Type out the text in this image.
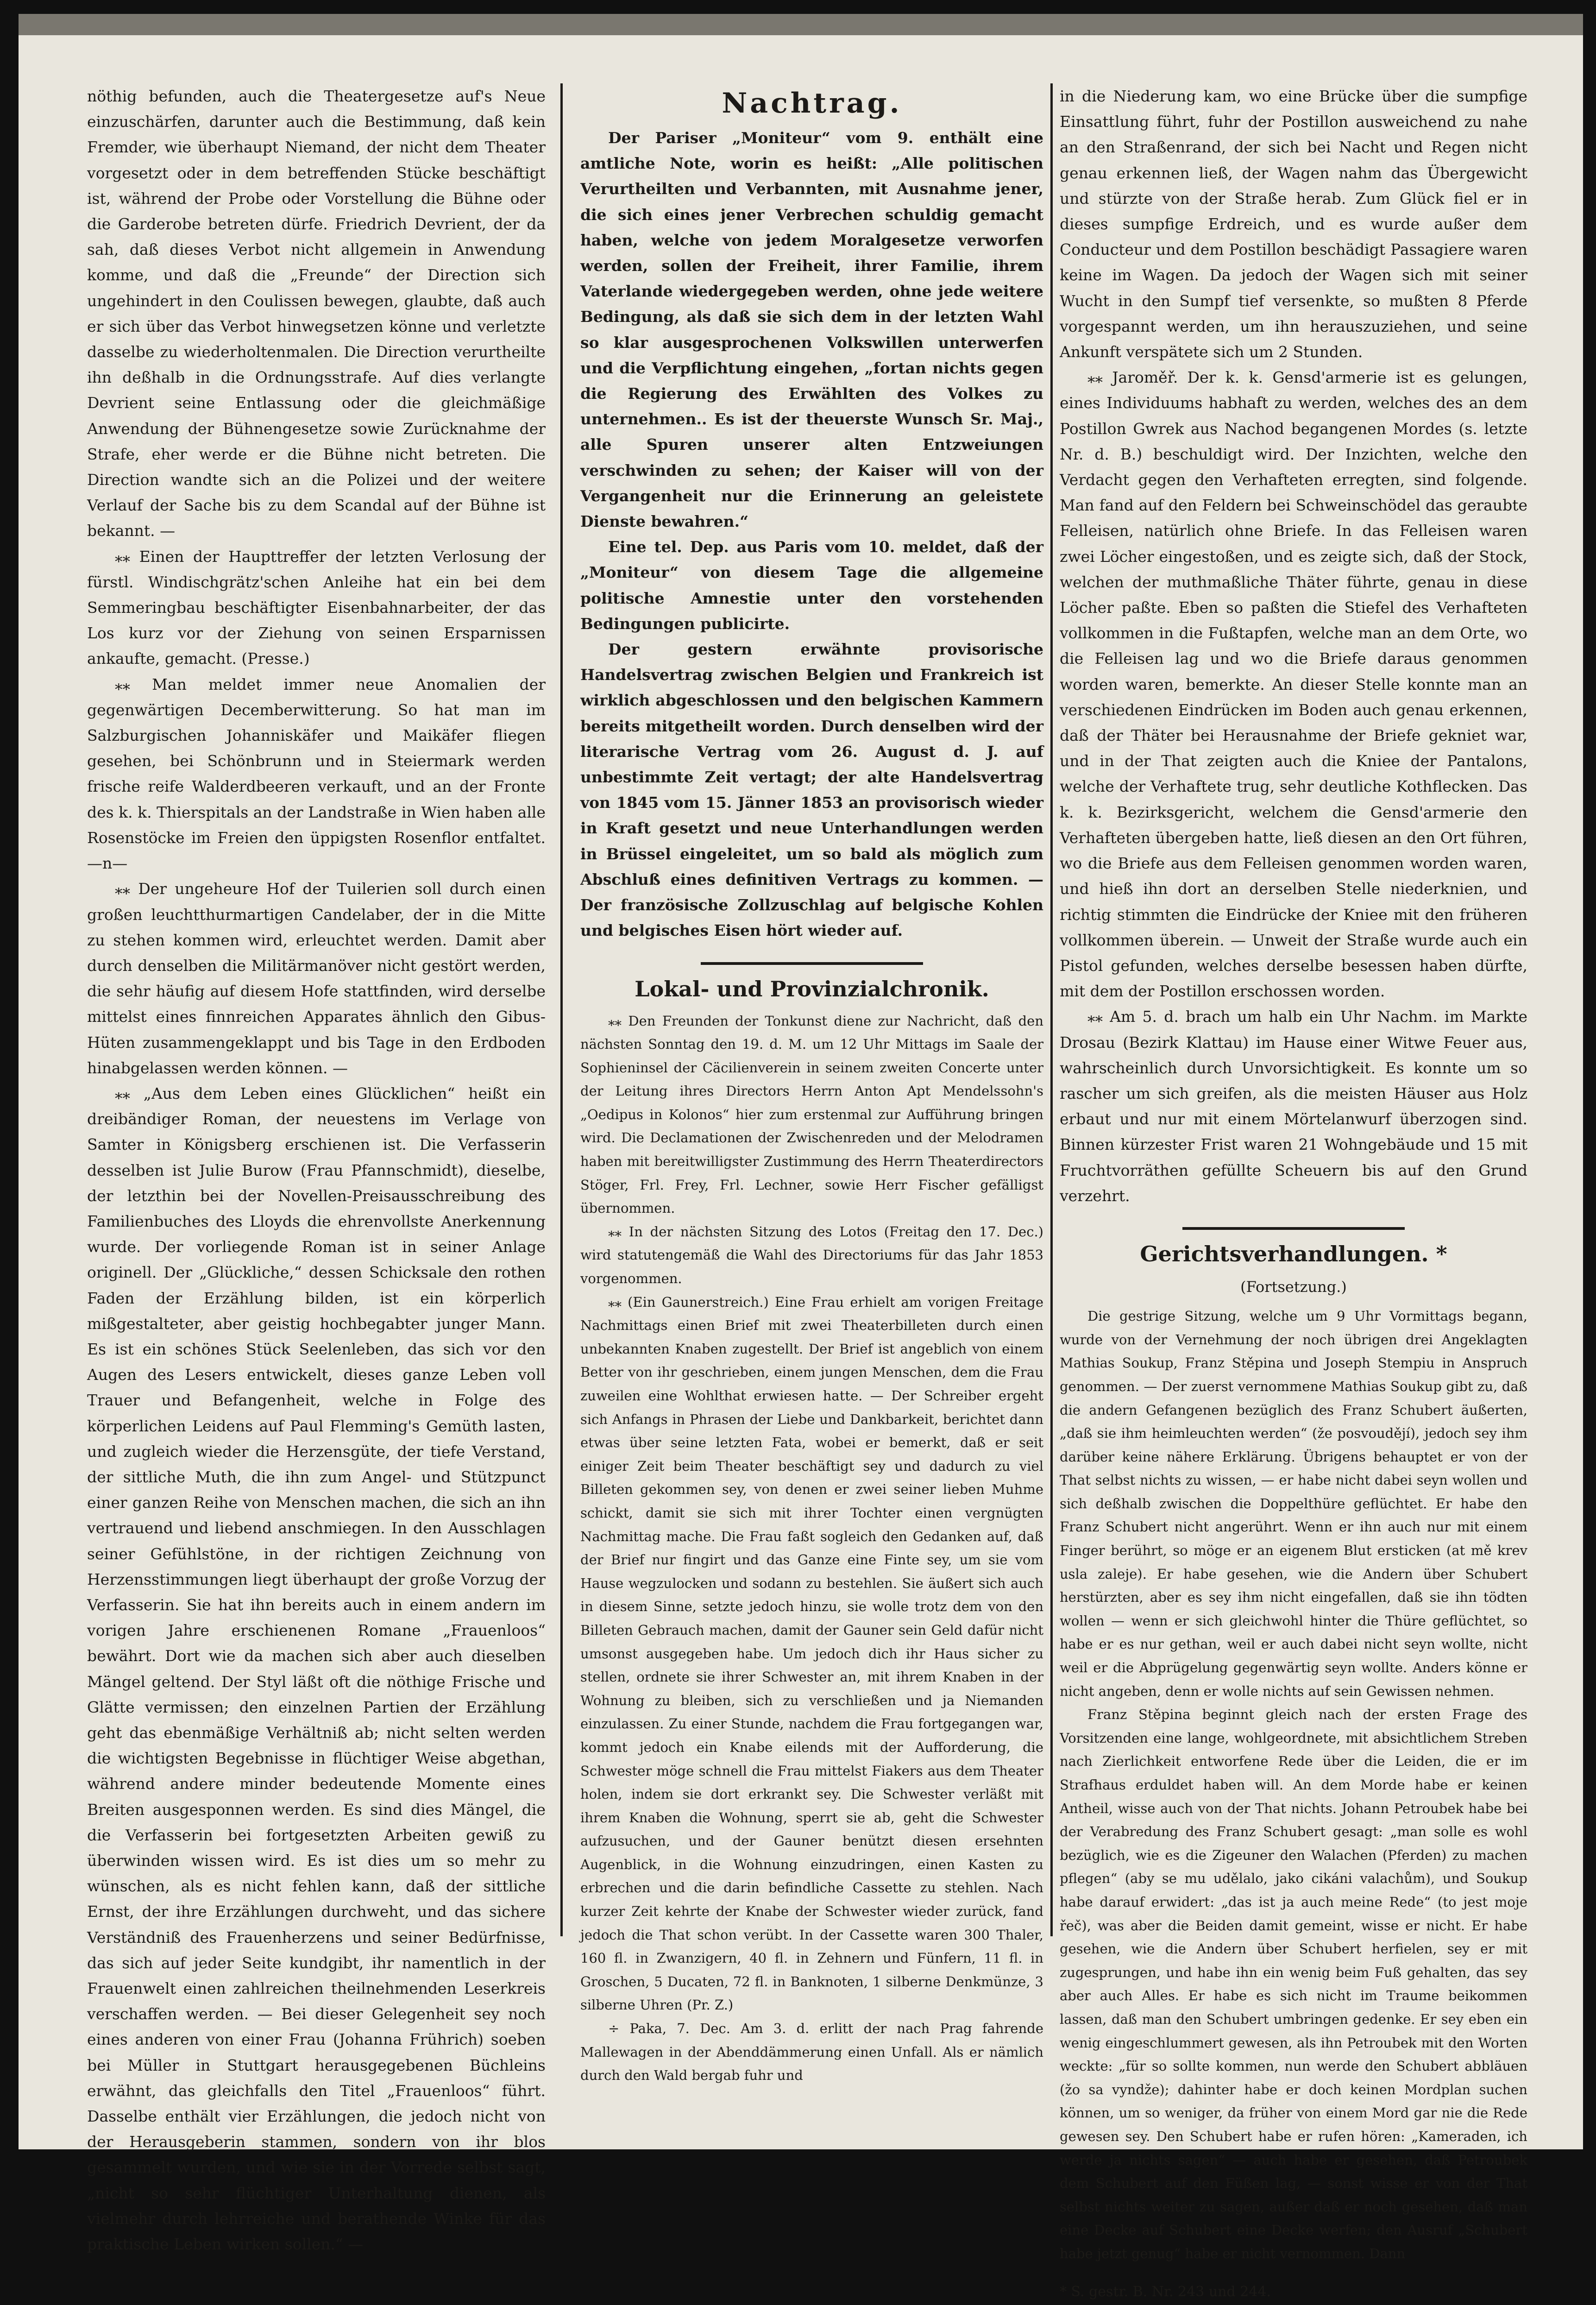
nöthig befunden, auch die Theatergesetze auf's Neue einzuschärfen, darunter auch die Bestimmung, daß kein Fremder, wie überhaupt Niemand, der nicht dem Theater vorgesetzt oder in dem betreffenden Stücke beschäftigt ist, während der Probe oder Vorstellung die Bühne oder die Garderobe betreten dürfe. Friedrich Devrient, der da sah, daß dieses Verbot nicht allgemein in Anwendung komme, und daß die „Freunde“ der Direction sich ungehindert in den Coulissen bewegen, glaubte, daß auch er sich über das Verbot hinwegsetzen könne und verletzte dasselbe zu wiederholtenmalen. Die Direction verurtheilte ihn deßhalb in die Ordnungsstrafe. Auf dies verlangte Devrient seine Entlassung oder die gleichmäßige Anwendung der Bühnengesetze sowie Zurücknahme der Strafe, eher werde er die Bühne nicht betreten. Die Direction wandte sich an die Polizei und der weitere Verlauf der Sache bis zu dem Scandal auf der Bühne ist bekannt. —

⁎⁎ Einen der Haupttreffer der letzten Verlosung der fürstl. Windischgrätz'schen Anleihe hat ein bei dem Semmeringbau beschäftigter Eisenbahnarbeiter, der das Los kurz vor der Ziehung von seinen Ersparnissen ankaufte, gemacht. (Presse.)

⁎⁎ Man meldet immer neue Anomalien der gegenwärtigen Decemberwitterung. So hat man im Salzburgischen Johanniskäfer und Maikäfer fliegen gesehen, bei Schönbrunn und in Steiermark werden frische reife Walderdbeeren verkauft, und an der Fronte des k. k. Thierspitals an der Landstraße in Wien haben alle Rosenstöcke im Freien den üppigsten Rosenflor entfaltet. —n—

⁎⁎ Der ungeheure Hof der Tuilerien soll durch einen großen leuchtthurmartigen Candelaber, der in die Mitte zu stehen kommen wird, erleuchtet werden. Damit aber durch denselben die Militärmanöver nicht gestört werden, die sehr häufig auf diesem Hofe stattfinden, wird derselbe mittelst eines finnreichen Apparates ähnlich den Gibus-Hüten zusammengeklappt und bis Tage in den Erdboden hinabgelassen werden können. —

⁎⁎ „Aus dem Leben eines Glücklichen“ heißt ein dreibändiger Roman, der neuestens im Verlage von Samter in Königsberg erschienen ist. Die Verfasserin desselben ist Julie Burow (Frau Pfannschmidt), dieselbe, der letzthin bei der Novellen-Preisausschreibung des Familienbuches des Lloyds die ehrenvollste Anerkennung wurde. Der vorliegende Roman ist in seiner Anlage originell. Der „Glückliche,“ dessen Schicksale den rothen Faden der Erzählung bilden, ist ein körperlich mißgestalteter, aber geistig hochbegabter junger Mann. Es ist ein schönes Stück Seelenleben, das sich vor den Augen des Lesers entwickelt, dieses ganze Leben voll Trauer und Befangenheit, welche in Folge des körperlichen Leidens auf Paul Flemming's Gemüth lasten, und zugleich wieder die Herzensgüte, der tiefe Verstand, der sittliche Muth, die ihn zum Angel- und Stützpunct einer ganzen Reihe von Menschen machen, die sich an ihn vertrauend und liebend anschmiegen. In den Ausschlagen seiner Gefühlstöne, in der richtigen Zeichnung von Herzensstimmungen liegt überhaupt der große Vorzug der Verfasserin. Sie hat ihn bereits auch in einem andern im vorigen Jahre erschienenen Romane „Frauenloos“ bewährt. Dort wie da machen sich aber auch dieselben Mängel geltend. Der Styl läßt oft die nöthige Frische und Glätte vermissen; den einzelnen Partien der Erzählung geht das ebenmäßige Verhältniß ab; nicht selten werden die wichtigsten Begebnisse in flüchtiger Weise abgethan, während andere minder bedeutende Momente eines Breiten ausgesponnen werden. Es sind dies Mängel, die die Verfasserin bei fortgesetzten Arbeiten gewiß zu überwinden wissen wird. Es ist dies um so mehr zu wünschen, als es nicht fehlen kann, daß der sittliche Ernst, der ihre Erzählungen durchweht, und das sichere Verständniß des Frauenherzens und seiner Bedürfnisse, das sich auf jeder Seite kundgibt, ihr namentlich in der Frauenwelt einen zahlreichen theilnehmenden Leserkreis verschaffen werden. — Bei dieser Gelegenheit sey noch eines anderen von einer Frau (Johanna Frührich) soeben bei Müller in Stuttgart herausgegebenen Büchleins erwähnt, das gleichfalls den Titel „Frauenloos“ führt. Dasselbe enthält vier Erzählungen, die jedoch nicht von der Herausgeberin stammen, sondern von ihr blos gesammelt wurden, und wie sie in der Vorrede selbst sagt, „nicht so sehr flüchtiger Unterhaltung dienen, als vielmehr durch lehrreiche und berathende Winke für das praktische Leben wirken sollen.“ —

Nachtrag.

Der Pariser „Moniteur“ vom 9. enthält eine amtliche Note, worin es heißt: „Alle politischen Verurtheilten und Verbannten, mit Ausnahme jener, die sich eines jener Verbrechen schuldig gemacht haben, welche von jedem Moralgesetze verworfen werden, sollen der Freiheit, ihrer Familie, ihrem Vaterlande wiedergegeben werden, ohne jede weitere Bedingung, als daß sie sich dem in der letzten Wahl so klar ausgesprochenen Volkswillen unterwerfen und die Verpflichtung eingehen, „fortan nichts gegen die Regierung des Erwählten des Volkes zu unternehmen.. Es ist der theuerste Wunsch Sr. Maj., alle Spuren unserer alten Entzweiungen verschwinden zu sehen; der Kaiser will von der Vergangenheit nur die Erinnerung an geleistete Dienste bewahren.“

Eine tel. Dep. aus Paris vom 10. meldet, daß der „Moniteur“ von diesem Tage die allgemeine politische Amnestie unter den vorstehenden Bedingungen publicirte.

Der gestern erwähnte provisorische Handelsvertrag zwischen Belgien und Frankreich ist wirklich abgeschlossen und den belgischen Kammern bereits mitgetheilt worden. Durch denselben wird der literarische Vertrag vom 26. August d. J. auf unbestimmte Zeit vertagt; der alte Handelsvertrag von 1845 vom 15. Jänner 1853 an provisorisch wieder in Kraft gesetzt und neue Unterhandlungen werden in Brüssel eingeleitet, um so bald als möglich zum Abschluß eines definitiven Vertrags zu kommen. — Der französische Zollzuschlag auf belgische Kohlen und belgisches Eisen hört wieder auf.

Lokal- und Provinzialchronik.

⁎⁎ Den Freunden der Tonkunst diene zur Nachricht, daß den nächsten Sonntag den 19. d. M. um 12 Uhr Mittags im Saale der Sophieninsel der Cäcilienverein in seinem zweiten Concerte unter der Leitung ihres Directors Herrn Anton Apt Mendelssohn's „Oedipus in Kolonos“ hier zum erstenmal zur Aufführung bringen wird. Die Declamationen der Zwischenreden und der Melodramen haben mit bereitwilligster Zustimmung des Herrn Theaterdirectors Stöger, Frl. Frey, Frl. Lechner, sowie Herr Fischer gefälligst übernommen.

⁎⁎ In der nächsten Sitzung des Lotos (Freitag den 17. Dec.) wird statutengemäß die Wahl des Directoriums für das Jahr 1853 vorgenommen.

⁎⁎ (Ein Gaunerstreich.) Eine Frau erhielt am vorigen Freitage Nachmittags einen Brief mit zwei Theaterbilleten durch einen unbekannten Knaben zugestellt. Der Brief ist angeblich von einem Better von ihr geschrieben, einem jungen Menschen, dem die Frau zuweilen eine Wohlthat erwiesen hatte. — Der Schreiber ergeht sich Anfangs in Phrasen der Liebe und Dankbarkeit, berichtet dann etwas über seine letzten Fata, wobei er bemerkt, daß er seit einiger Zeit beim Theater beschäftigt sey und dadurch zu viel Billeten gekommen sey, von denen er zwei seiner lieben Muhme schickt, damit sie sich mit ihrer Tochter einen vergnügten Nachmittag mache. Die Frau faßt sogleich den Gedanken auf, daß der Brief nur fingirt und das Ganze eine Finte sey, um sie vom Hause wegzulocken und sodann zu bestehlen. Sie äußert sich auch in diesem Sinne, setzte jedoch hinzu, sie wolle trotz dem von den Billeten Gebrauch machen, damit der Gauner sein Geld dafür nicht umsonst ausgegeben habe. Um jedoch dich ihr Haus sicher zu stellen, ordnete sie ihrer Schwester an, mit ihrem Knaben in der Wohnung zu bleiben, sich zu verschließen und ja Niemanden einzulassen. Zu einer Stunde, nachdem die Frau fortgegangen war, kommt jedoch ein Knabe eilends mit der Aufforderung, die Schwester möge schnell die Frau mittelst Fiakers aus dem Theater holen, indem sie dort erkrankt sey. Die Schwester verläßt mit ihrem Knaben die Wohnung, sperrt sie ab, geht die Schwester aufzusuchen, und der Gauner benützt diesen ersehnten Augenblick, in die Wohnung einzudringen, einen Kasten zu erbrechen und die darin befindliche Cassette zu stehlen. Nach kurzer Zeit kehrte der Knabe der Schwester wieder zurück, fand jedoch die That schon verübt. In der Cassette waren 300 Thaler, 160 fl. in Zwanzigern, 40 fl. in Zehnern und Fünfern, 11 fl. in Groschen, 5 Ducaten, 72 fl. in Banknoten, 1 silberne Denkmünze, 3 silberne Uhren (Pr. Z.)

÷ Paka, 7. Dec. Am 3. d. erlitt der nach Prag fahrende Mallewagen in der Abenddämmerung einen Unfall. Als er nämlich durch den Wald bergab fuhr und

in die Niederung kam, wo eine Brücke über die sumpfige Einsattlung führt, fuhr der Postillon ausweichend zu nahe an den Straßenrand, der sich bei Nacht und Regen nicht genau erkennen ließ, der Wagen nahm das Übergewicht und stürzte von der Straße herab. Zum Glück fiel er in dieses sumpfige Erdreich, und es wurde außer dem Conducteur und dem Postillon beschädigt Passagiere waren keine im Wagen. Da jedoch der Wagen sich mit seiner Wucht in den Sumpf tief versenkte, so mußten 8 Pferde vorgespannt werden, um ihn herauszuziehen, und seine Ankunft verspätete sich um 2 Stunden.

⁎⁎ Jaroměř. Der k. k. Gensd'armerie ist es gelungen, eines Individuums habhaft zu werden, welches des an dem Postillon Gwrek aus Nachod begangenen Mordes (s. letzte Nr. d. B.) beschuldigt wird. Der Inzichten, welche den Verdacht gegen den Verhafteten erregten, sind folgende. Man fand auf den Feldern bei Schweinschödel das geraubte Felleisen, natürlich ohne Briefe. In das Felleisen waren zwei Löcher eingestoßen, und es zeigte sich, daß der Stock, welchen der muthmaßliche Thäter führte, genau in diese Löcher paßte. Eben so paßten die Stiefel des Verhafteten vollkommen in die Fußtapfen, welche man an dem Orte, wo die Felleisen lag und wo die Briefe daraus genommen worden waren, bemerkte. An dieser Stelle konnte man an verschiedenen Eindrücken im Boden auch genau erkennen, daß der Thäter bei Herausnahme der Briefe gekniet war, und in der That zeigten auch die Kniee der Pantalons, welche der Verhaftete trug, sehr deutliche Kothflecken. Das k. k. Bezirksgericht, welchem die Gensd'armerie den Verhafteten übergeben hatte, ließ diesen an den Ort führen, wo die Briefe aus dem Felleisen genommen worden waren, und hieß ihn dort an derselben Stelle niederknien, und richtig stimmten die Eindrücke der Kniee mit den früheren vollkommen überein. — Unweit der Straße wurde auch ein Pistol gefunden, welches derselbe besessen haben dürfte, mit dem der Postillon erschossen worden.

⁎⁎ Am 5. d. brach um halb ein Uhr Nachm. im Markte Drosau (Bezirk Klattau) im Hause einer Witwe Feuer aus, wahrscheinlich durch Unvorsichtigkeit. Es konnte um so rascher um sich greifen, als die meisten Häuser aus Holz erbaut und nur mit einem Mörtelanwurf überzogen sind. Binnen kürzester Frist waren 21 Wohngebäude und 15 mit Fruchtvorräthen gefüllte Scheuern bis auf den Grund verzehrt.

Gerichtsverhandlungen. *
(Fortsetzung.)

Die gestrige Sitzung, welche um 9 Uhr Vormittags begann, wurde von der Vernehmung der noch übrigen drei Angeklagten Mathias Soukup, Franz Stěpina und Joseph Stempiu in Anspruch genommen. — Der zuerst vernommene Mathias Soukup gibt zu, daß die andern Gefangenen bezüglich des Franz Schubert äußerten, „daß sie ihm heimleuchten werden“ (že posvoudějí), jedoch sey ihm darüber keine nähere Erklärung. Übrigens behauptet er von der That selbst nichts zu wissen, — er habe nicht dabei seyn wollen und sich deßhalb zwischen die Doppelthüre geflüchtet. Er habe den Franz Schubert nicht angerührt. Wenn er ihn auch nur mit einem Finger berührt, so möge er an eigenem Blut ersticken (at mě krev usla zaleje). Er habe gesehen, wie die Andern über Schubert herstürzten, aber es sey ihm nicht eingefallen, daß sie ihn tödten wollen — wenn er sich gleichwohl hinter die Thüre geflüchtet, so habe er es nur gethan, weil er auch dabei nicht seyn wollte, nicht weil er die Abprügelung gegenwärtig seyn wollte. Anders könne er nicht angeben, denn er wolle nichts auf sein Gewissen nehmen.

Franz Stěpina beginnt gleich nach der ersten Frage des Vorsitzenden eine lange, wohlgeordnete, mit absichtlichem Streben nach Zierlichkeit entworfene Rede über die Leiden, die er im Strafhaus erduldet haben will. An dem Morde habe er keinen Antheil, wisse auch von der That nichts. Johann Petroubek habe bei der Verabredung des Franz Schubert gesagt: „man solle es wohl bezüglich, wie es die Zigeuner den Walachen (Pferden) zu machen pflegen“ (aby se mu udělalo, jako cikáni valachům), und Soukup habe darauf erwidert: „das ist ja auch meine Rede“ (to jest moje řeč), was aber die Beiden damit gemeint, wisse er nicht. Er habe gesehen, wie die Andern über Schubert herfielen, sey er mit zugesprungen, und habe ihn ein wenig beim Fuß gehalten, das sey aber auch Alles. Er habe es sich nicht im Traume beikommen lassen, daß man den Schubert umbringen gedenke. Er sey eben ein wenig eingeschlummert gewesen, als ihn Petroubek mit den Worten weckte: „für so sollte kommen, nun werde den Schubert abbläuen (žo sa vyndže); dahinter habe er doch keinen Mordplan suchen können, um so weniger, da früher von einem Mord gar nie die Rede gewesen sey. Den Schubert habe er rufen hören: „Kameraden, ich werde ja nichts sagen“ — auch habe er gesehen, daß Petroubek dem Schubert auf den Füßen lag, — sonst wisse er von der That selbst nichts weiter zu sagen, außer daß er noch gesehen, daß man eine Decke auf Schubert eine Decke werfen; den Ausruf „Schubert habe jetzt genug“ habe er nicht vernommen. Dann

* S. gestr. B. Nr. 243 und 244.
